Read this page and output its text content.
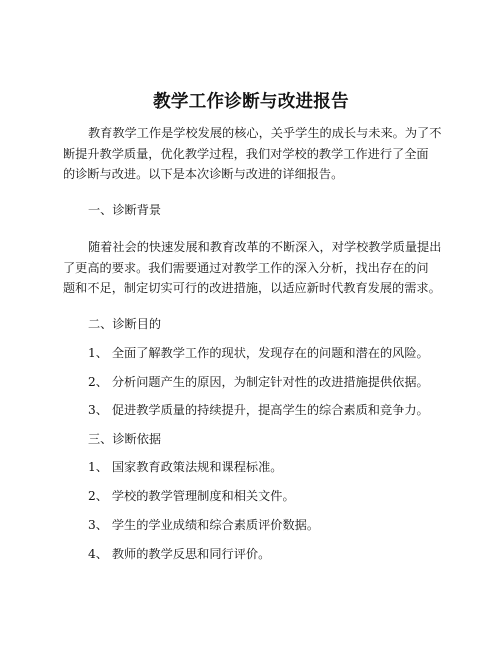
教学工作诊断与改进报告

教育教学工作是学校发展的核心，关乎学生的成长与未来。为了不

断提升教学质量，优化教学过程，我们对学校的教学工作进行了全面

的诊断与改进。以下是本次诊断与改进的详细报告。

一、诊断背景

随着社会的快速发展和教育改革的不断深入，对学校教学质量提出

了更高的要求。我们需要通过对教学工作的深入分析，找出存在的问

题和不足，制定切实可行的改进措施，以适应新时代教育发展的需求。

二、诊断目的

1、 全面了解教学工作的现状，发现存在的问题和潜在的风险。

2、 分析问题产生的原因，为制定针对性的改进措施提供依据。

3、 促进教学质量的持续提升，提高学生的综合素质和竞争力。

三、诊断依据

1、 国家教育政策法规和课程标准。

2、 学校的教学管理制度和相关文件。

3、 学生的学业成绩和综合素质评价数据。

4、 教师的教学反思和同行评价。
